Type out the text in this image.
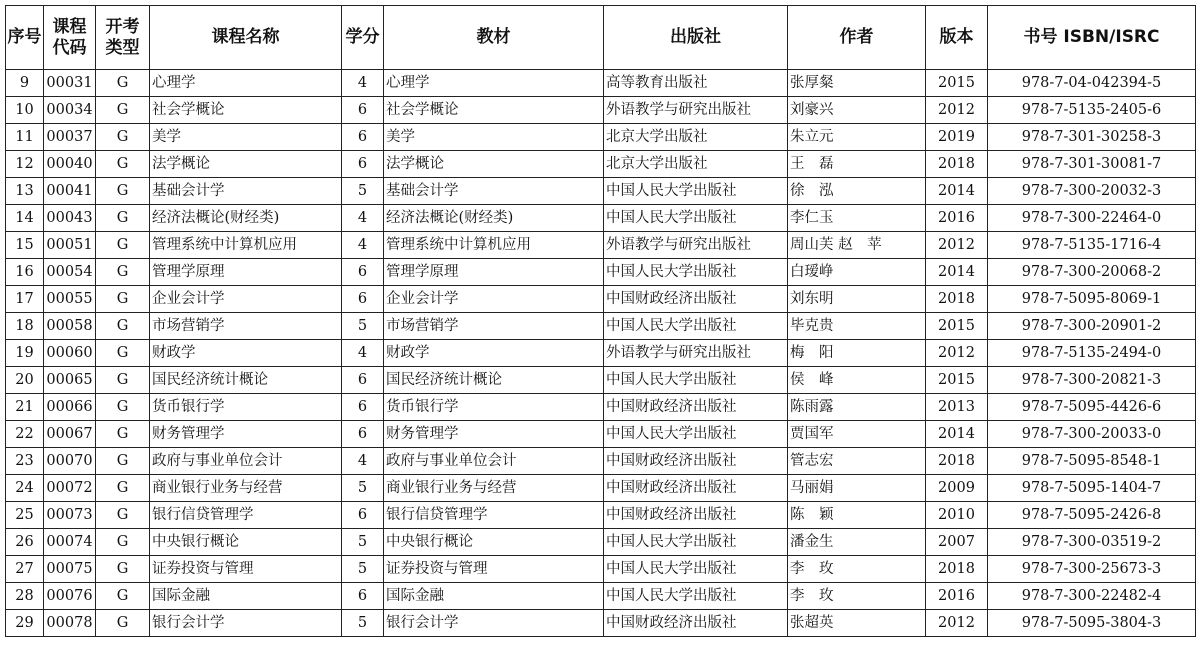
序号	课程代码	开考类型	课程名称	学分	教材	出版社	作者	版本	书号 ISBN/ISRC
9	00031	G	心理学	4	心理学	高等教育出版社	张厚粲	2015	978-7-04-042394-5
10	00034	G	社会学概论	6	社会学概论	外语教学与研究出版社	刘豪兴	2012	978-7-5135-2405-6
11	00037	G	美学	6	美学	北京大学出版社	朱立元	2019	978-7-301-30258-3
12	00040	G	法学概论	6	法学概论	北京大学出版社	王　磊	2018	978-7-301-30081-7
13	00041	G	基础会计学	5	基础会计学	中国人民大学出版社	徐　泓	2014	978-7-300-20032-3
14	00043	G	经济法概论(财经类)	4	经济法概论(财经类)	中国人民大学出版社	李仁玉	2016	978-7-300-22464-0
15	00051	G	管理系统中计算机应用	4	管理系统中计算机应用	外语教学与研究出版社	周山芙 赵　苹	2012	978-7-5135-1716-4
16	00054	G	管理学原理	6	管理学原理	中国人民大学出版社	白瑷峥	2014	978-7-300-20068-2
17	00055	G	企业会计学	6	企业会计学	中国财政经济出版社	刘东明	2018	978-7-5095-8069-1
18	00058	G	市场营销学	5	市场营销学	中国人民大学出版社	毕克贵	2015	978-7-300-20901-2
19	00060	G	财政学	4	财政学	外语教学与研究出版社	梅　阳	2012	978-7-5135-2494-0
20	00065	G	国民经济统计概论	6	国民经济统计概论	中国人民大学出版社	侯　峰	2015	978-7-300-20821-3
21	00066	G	货币银行学	6	货币银行学	中国财政经济出版社	陈雨露	2013	978-7-5095-4426-6
22	00067	G	财务管理学	6	财务管理学	中国人民大学出版社	贾国军	2014	978-7-300-20033-0
23	00070	G	政府与事业单位会计	4	政府与事业单位会计	中国财政经济出版社	管志宏	2018	978-7-5095-8548-1
24	00072	G	商业银行业务与经营	5	商业银行业务与经营	中国财政经济出版社	马丽娟	2009	978-7-5095-1404-7
25	00073	G	银行信贷管理学	6	银行信贷管理学	中国财政经济出版社	陈　颖	2010	978-7-5095-2426-8
26	00074	G	中央银行概论	5	中央银行概论	中国人民大学出版社	潘金生	2007	978-7-300-03519-2
27	00075	G	证券投资与管理	5	证券投资与管理	中国人民大学出版社	李　玫	2018	978-7-300-25673-3
28	00076	G	国际金融	6	国际金融	中国人民大学出版社	李　玫	2016	978-7-300-22482-4
29	00078	G	银行会计学	5	银行会计学	中国财政经济出版社	张超英	2012	978-7-5095-3804-3
